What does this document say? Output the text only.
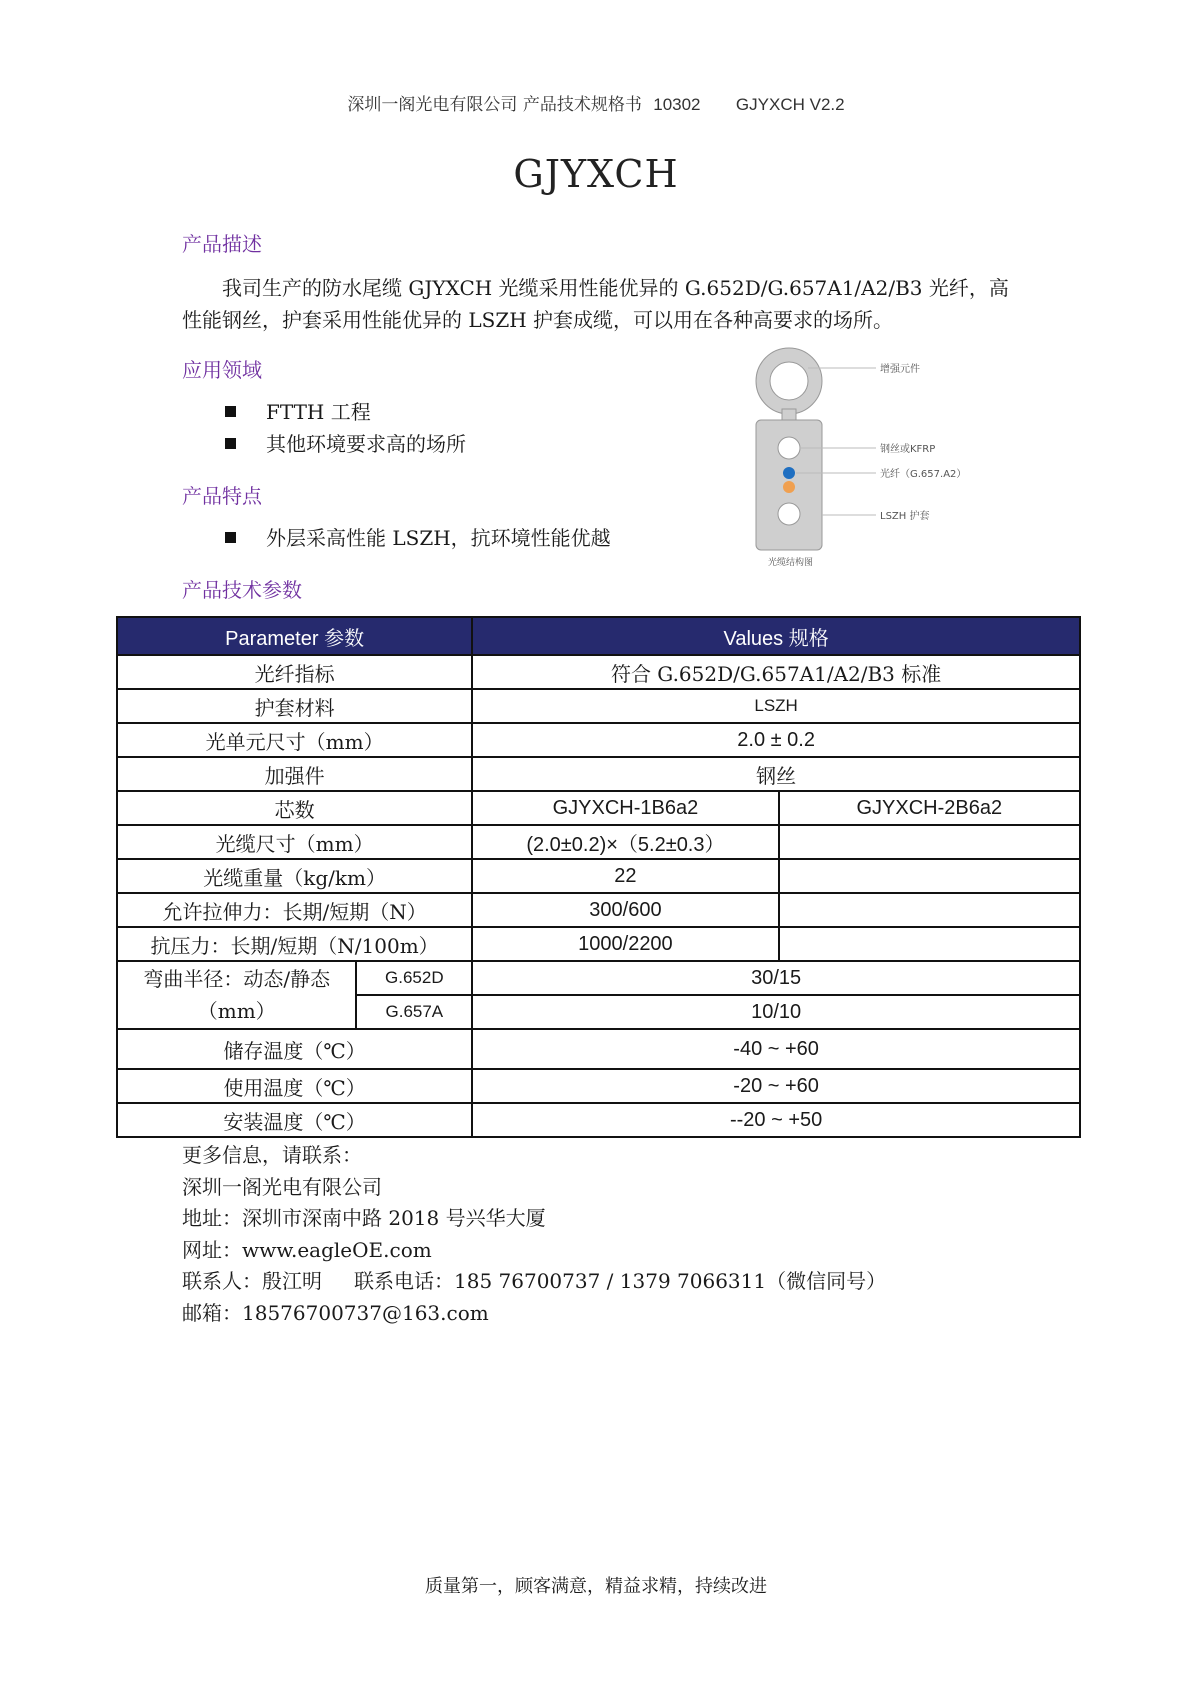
深圳一阁光电有限公司 产品技术规格书 10302 GJYXCH V2.2
GJYXCH
产品描述
我司生产的防水尾缆 GJYXCH 光缆采用性能优异的 G.652D/G.657A1/A2/B3 光纤，高性能钢丝，护套采用性能优异的 LSZH 护套成缆，可以用在各种高要求的场所。
应用领域
FTTH 工程
其他环境要求高的场所
产品特点
外层采高性能 LSZH，抗环境性能优越
产品技术参数
增强元件
钢丝或KFRP
光纤（G.657.A2）
LSZH 护套
光缆结构图
Parameter 参数		Values 规格	
光纤指标		符合 G.652D/G.657A1/A2/B3 标准	
护套材料		LSZH	
光单元尺寸（mm）		2.0 ± 0.2	
加强件		钢丝	
芯数		GJYXCH-1B6a2	GJYXCH-2B6a2
光缆尺寸（mm）		(2.0±0.2)×（5.2±0.3）	
光缆重量（kg/km）		22	
允许拉伸力：长期/短期（N）		300/600	
抗压力：长期/短期（N/100m）		1000/2200	
弯曲半径：动态/静态
（mm）	G.652D	30/15	
	G.657A	10/10	
储存温度（℃）		-40 ~ +60	
使用温度（℃）		-20 ~ +60	
安装温度（℃）		--20 ~ +50	
更多信息，请联系：
深圳一阁光电有限公司
地址：深圳市深南中路 2018 号兴华大厦
网址：www.eagleOE.com
联系人：殷江明 联系电话：185 76700737 / 1379 7066311（微信同号）
邮箱：18576700737@163.com
质量第一，顾客满意，精益求精，持续改进
